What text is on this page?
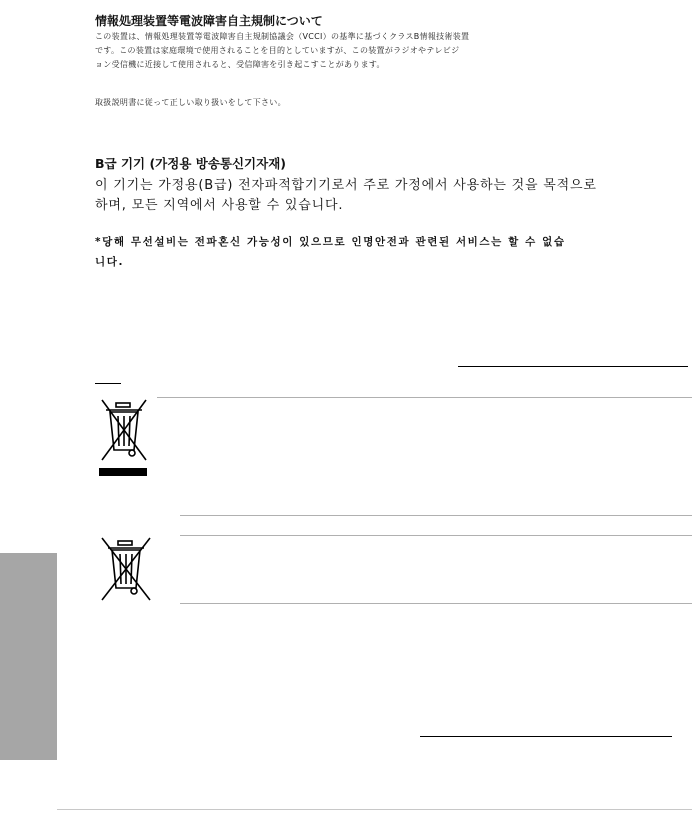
情報処理装置等電波障害自主規制について
この装置は、情報処理装置等電波障害自主規制協議会（VCCI）の基準に基づくクラスB情報技術装置
です。この装置は家庭環境で使用されることを目的としていますが、この装置がラジオやテレビジ
ョン受信機に近接して使用されると、受信障害を引き起こすことがあります。
取扱説明書に従って正しい取り扱いをして下さい。
B급 기기 (가정용 방송통신기자재)
이 기기는 가정용(B급) 전자파적합기기로서 주로 가정에서 사용하는 것을 목적으로
하며, 모든 지역에서 사용할 수 있습니다.
*당해 무선설비는 전파혼신 가능성이 있으므로 인명안전과 관련된 서비스는 할 수 없습
니다.
